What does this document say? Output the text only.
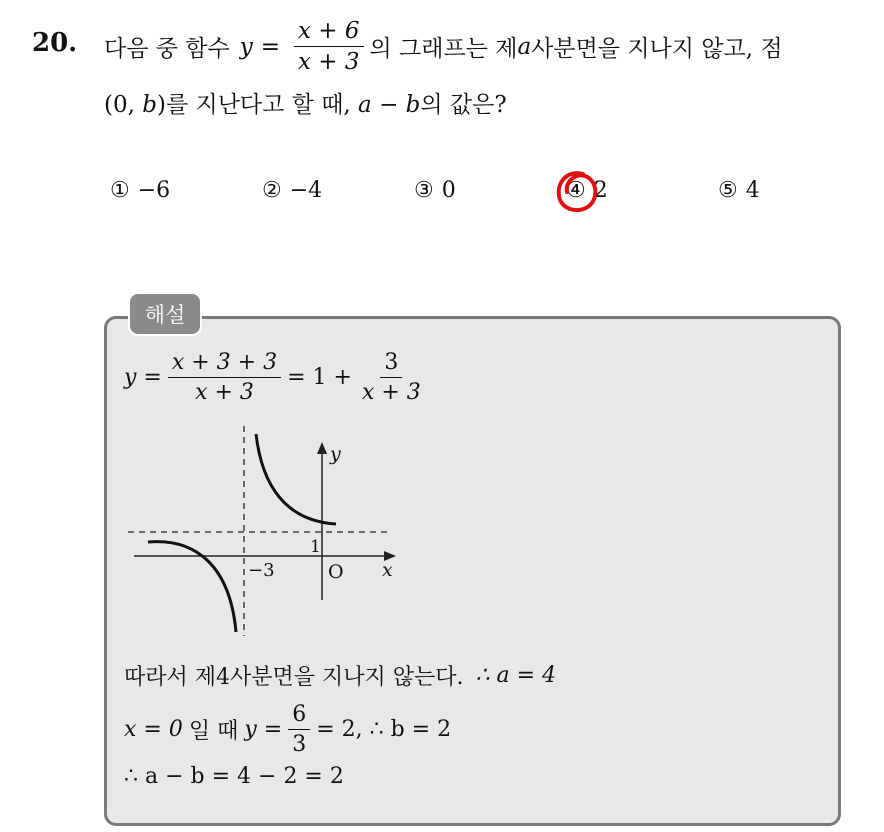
20. 다음 중 함수 $y = \frac{x + 6}{x + 3}$ 의 그래프는 제 a 사분면을 지나지 않고, 점
(0, b)를 지난다고 할 때, a − b의 값은?
① −6	② −4	③ 0	④ 2	⑤ 4
해설
$y = \frac{x + 3 + 3}{x + 3} = 1 + \frac{3}{x + 3}$
y
x
O
−3
1
따라서 제4사분면을 지나지 않는다. ∴ a = 4
x = 0 일 때 $y = \frac{6}{3} = 2$, ∴ b = 2
∴ a − b = 4 − 2 = 2
